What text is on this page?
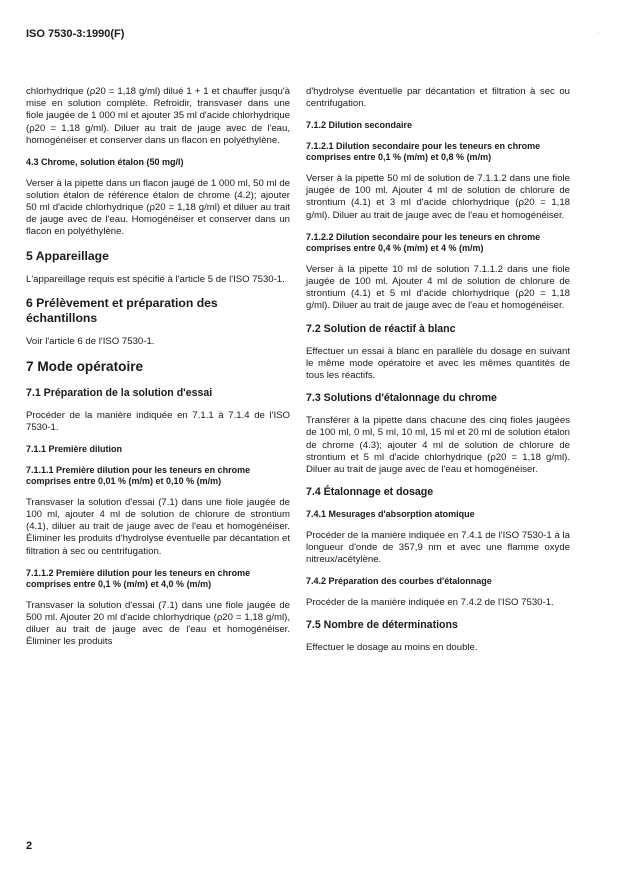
ISO 7530-3:1990(F)	·
chlorhydrique (ρ20 = 1,18 g/ml) dilué 1 + 1 et chauffer jusqu'à mise en solution complète. Refroidir, transvaser dans une fiole jaugée de 1 000 ml et ajouter 35 ml d'acide chlorhydrique (ρ20 = 1,18 g/ml). Diluer au trait de jauge avec de l'eau, homogénéiser et conserver dans un flacon en polyéthylène.
4.3 Chrome, solution étalon (50 mg/l)
Verser à la pipette dans un flacon jaugé de 1 000 ml, 50 ml de solution étalon de référence étalon de chrome (4.2); ajouter 50 ml d'acide chlorhydrique (ρ20 = 1,18 g/ml) et diluer au trait de jauge avec de l'eau. Homogénéiser et conserver dans un flacon en polyéthylène.
5 Appareillage
L'appareillage requis est spécifié à l'article 5 de l'ISO 7530-1.
6 Prélèvement et préparation des échantillons
Voir l'article 6 de l'ISO 7530-1.
7 Mode opératoire
7.1 Préparation de la solution d'essai
Procéder de la manière indiquée en 7.1.1 à 7.1.4 de l'ISO 7530-1.
7.1.1 Première dilution
7.1.1.1 Première dilution pour les teneurs en chrome comprises entre 0,01 % (m/m) et 0,10 % (m/m)
Transvaser la solution d'essai (7.1) dans une fiole jaugée de 100 ml, ajouter 4 ml de solution de chlorure de strontium (4.1), diluer au trait de jauge avec de l'eau et homogénéiser. Éliminer les produits d'hydrolyse éventuelle par décantation et filtration à sec ou centrifugation.
7.1.1.2 Première dilution pour les teneurs en chrome comprises entre 0,1 % (m/m) et 4,0 % (m/m)
Transvaser la solution d'essai (7.1) dans une fiole jaugée de 500 ml. Ajouter 20 ml d'acide chlorhydrique (ρ20 = 1,18 g/ml), diluer au trait de jauge avec de l'eau et homogénéiser. Éliminer les produits
d'hydrolyse éventuelle par décantation et filtration à sec ou centrifugation.
7.1.2 Dilution secondaire
7.1.2.1 Dilution secondaire pour les teneurs en chrome comprises entre 0,1 % (m/m) et 0,8 % (m/m)
Verser à la pipette 50 ml de solution de 7.1.1.2 dans une fiole jaugée de 100 ml. Ajouter 4 ml de solution de chlorure de strontium (4.1) et 3 ml d'acide chlorhydrique (ρ20 = 1,18 g/ml). Diluer au trait de jauge avec de l'eau et homogénéiser.
7.1.2.2 Dilution secondaire pour les teneurs en chrome comprises entre 0,4 % (m/m) et 4 % (m/m)
Verser à la pipette 10 ml de solution 7.1.1.2 dans une fiole jaugée de 100 ml. Ajouter 4 ml de solution de chlorure de strontium (4.1) et 5 ml d'acide chlorhydrique (ρ20 = 1,18 g/ml). Diluer au trait de jauge avec de l'eau et homogénéiser.
7.2 Solution de réactif à blanc
Effectuer un essai à blanc en parallèle du dosage en suivant le même mode opératoire et avec les mêmes quantités de tous les réactifs.
7.3 Solutions d'étalonnage du chrome
Transférer à la pipette dans chacune des cinq fioles jaugées de 100 ml, 0 ml, 5 ml, 10 ml, 15 ml et 20 ml de solution étalon de chrome (4.3); ajouter 4 ml de solution de chlorure de strontium et 5 ml d'acide chlorhydrique (ρ20 = 1,18 g/ml). Diluer au trait de jauge avec de l'eau et homogénéiser.
7.4 Étalonnage et dosage
7.4.1 Mesurages d'absorption atomique
Procéder de la manière indiquée en 7.4.1 de l'ISO 7530-1 à la longueur d'onde de 357,9 nm et avec une flamme oxyde nitreux/acétylène.
7.4.2 Préparation des courbes d'étalonnage
Procéder de la manière indiquée en 7.4.2 de l'ISO 7530-1.
7.5 Nombre de déterminations
Effectuer le dosage au moins en double.
2
